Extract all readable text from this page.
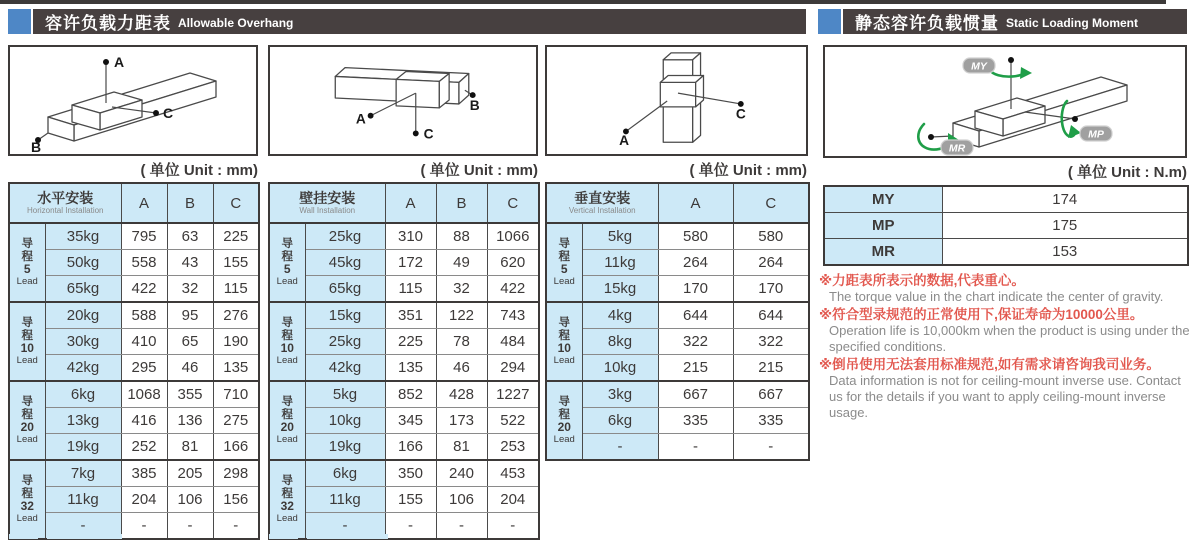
容许负载力距表 Allowable Overhang	静态容许负载惯量 Static Loading Moment
A
C
B
A
B
C	A
C
MY
MP
MR
( 单位 Unit : mm)	( 单位 Unit : mm)	( 单位 Unit : mm)	( 单位 Unit : N.m)
水平安装
Horizontal Installation		A	B	C

导
程
5
Lead	35kg	795	63	225
	50kg	558	43	155
	65kg	422	32	115

导
程
10
Lead	20kg	588	95	276
	30kg	410	65	190
	42kg	295	46	135

导
程
20
Lead	6kg	1068	355	710
	13kg	416	136	275
	19kg	252	81	166

导
程
32
Lead	7kg	385	205	298
	11kg	204	106	156
	-	-	-	-
壁挂安装
Wall Installation		A	B	C

导
程
5
Lead	25kg	310	88	1066
	45kg	172	49	620
	65kg	115	32	422

导
程
10
Lead	15kg	351	122	743
	25kg	225	78	484
	42kg	135	46	294

导
程
20
Lead	5kg	852	428	1227
	10kg	345	173	522
	19kg	166	81	253

导
程
32
Lead	6kg	350	240	453
	11kg	155	106	204
	-	-	-	-
垂直安装
Vertical Installation		A	C

导
程
5
Lead	5kg	580	580
	11kg	264	264
	15kg	170	170

导
程
10
Lead	4kg	644	644
	8kg	322	322
	10kg	215	215

导
程
20
Lead	3kg	667	667
	6kg	335	335
	-	-	-
MY	174
MP	175
MR	153
※力距表所表示的数据,代表重心。
The torque value in the chart indicate the center of gravity.
※符合型录规范的正常使用下,保证寿命为10000公里。
Operation life is 10,000km when the product is using under the specified conditions.
※倒吊使用无法套用标准规范,如有需求请咨询我司业务。
Data information is not for ceiling-mount inverse use. Contact us for the details if you want to apply ceiling-mount inverse usage.
